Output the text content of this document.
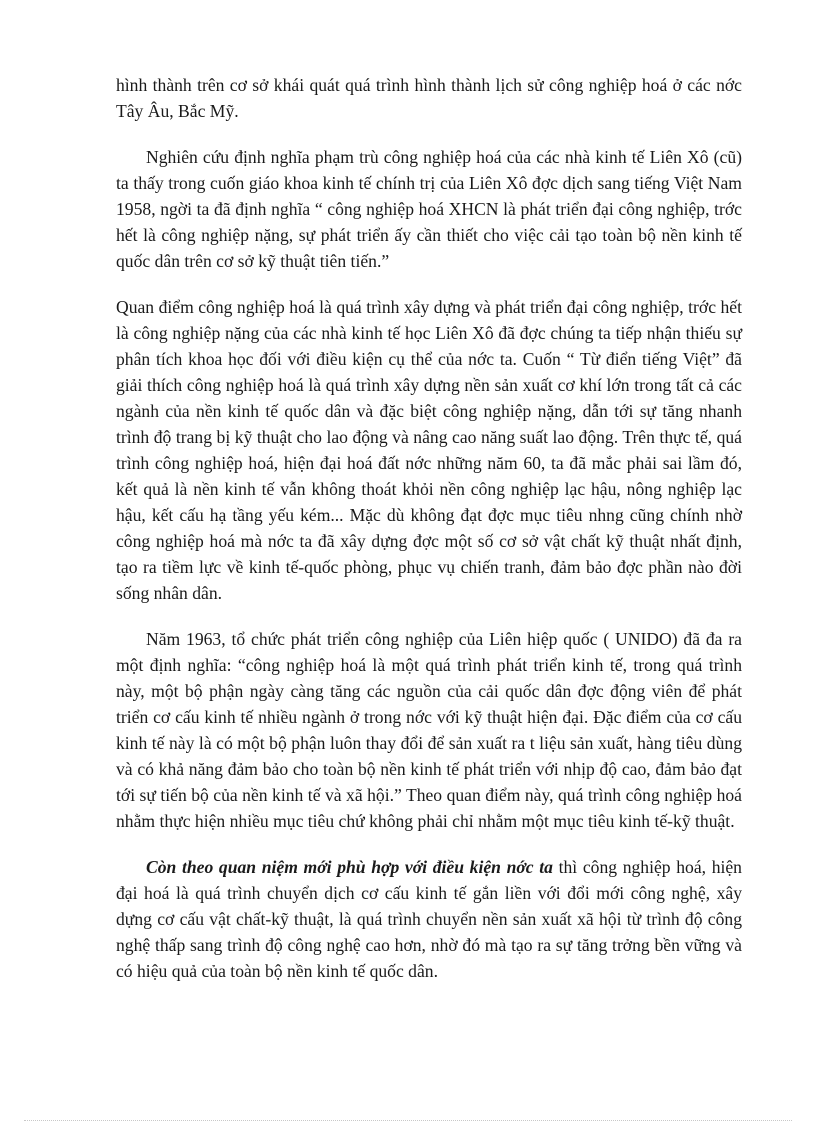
hình thành trên cơ sở khái quát quá trình hình thành lịch sử công nghiệp hoá ở các nớc Tây Âu, Bắc Mỹ.

Nghiên cứu định nghĩa phạm trù công nghiệp hoá của các nhà kinh tế Liên Xô (cũ) ta thấy trong cuốn giáo khoa kinh tế chính trị của Liên Xô đợc dịch sang tiếng Việt Nam 1958, ngời ta đã định nghĩa “ công nghiệp hoá XHCN là phát triển đại công nghiệp, trớc hết là công nghiệp nặng, sự phát triển ấy cần thiết cho việc cải tạo toàn bộ nền kinh tế quốc dân trên cơ sở kỹ thuật tiên tiến.”

Quan điểm công nghiệp hoá là quá trình xây dựng và phát triển đại công nghiệp, trớc hết là công nghiệp nặng của các nhà kinh tế học Liên Xô đã đợc chúng ta tiếp nhận thiếu sự phân tích khoa học đối với điều kiện cụ thể của nớc ta. Cuốn “ Từ điển tiếng Việt” đã giải thích công nghiệp hoá là quá trình xây dựng nền sản xuất cơ khí lớn trong tất cả các ngành của nền kinh tế quốc dân và đặc biệt công nghiệp nặng, dẫn tới sự tăng nhanh trình độ trang bị kỹ thuật cho lao động và nâng cao năng suất lao động. Trên thực tế, quá trình công nghiệp hoá, hiện đại hoá đất nớc những năm 60, ta đã mắc phải sai lầm đó, kết quả là nền kinh tế vẫn không thoát khỏi nền công nghiệp lạc hậu, nông nghiệp lạc hậu, kết cấu hạ tầng yếu kém... Mặc dù không đạt đợc mục tiêu nhng cũng chính nhờ công nghiệp hoá mà nớc ta đã xây dựng đợc một số cơ sở vật chất kỹ thuật nhất định, tạo ra tiềm lực về kinh tế-quốc phòng, phục vụ chiến tranh, đảm bảo đợc phần nào đời sống nhân dân.

Năm 1963, tổ chức phát triển công nghiệp của Liên hiệp quốc ( UNIDO) đã đa ra một định nghĩa: “công nghiệp hoá là một quá trình phát triển kinh tế, trong quá trình này, một bộ phận ngày càng tăng các nguồn của cải quốc dân đợc động viên để phát triển cơ cấu kinh tế nhiều ngành ở trong nớc với kỹ thuật hiện đại. Đặc điểm của cơ cấu kinh tế này là có một bộ phận luôn thay đổi để sản xuất ra t liệu sản xuất, hàng tiêu dùng và có khả năng đảm bảo cho toàn bộ nền kinh tế phát triển với nhịp độ cao, đảm bảo đạt tới sự tiến bộ của nền kinh tế và xã hội.” Theo quan điểm này, quá trình công nghiệp hoá nhằm thực hiện nhiều mục tiêu chứ không phải chỉ nhằm một mục tiêu kinh tế-kỹ thuật.

Còn theo quan niệm mới phù hợp với điều kiện nớc ta thì công nghiệp hoá, hiện đại hoá là quá trình chuyển dịch cơ cấu kinh tế gắn liền với đổi mới công nghệ, xây dựng cơ cấu vật chất-kỹ thuật, là quá trình chuyển nền sản xuất xã hội từ trình độ công nghệ thấp sang trình độ công nghệ cao hơn, nhờ đó mà tạo ra sự tăng trởng bền vững và có hiệu quả của toàn bộ nền kinh tế quốc dân.
